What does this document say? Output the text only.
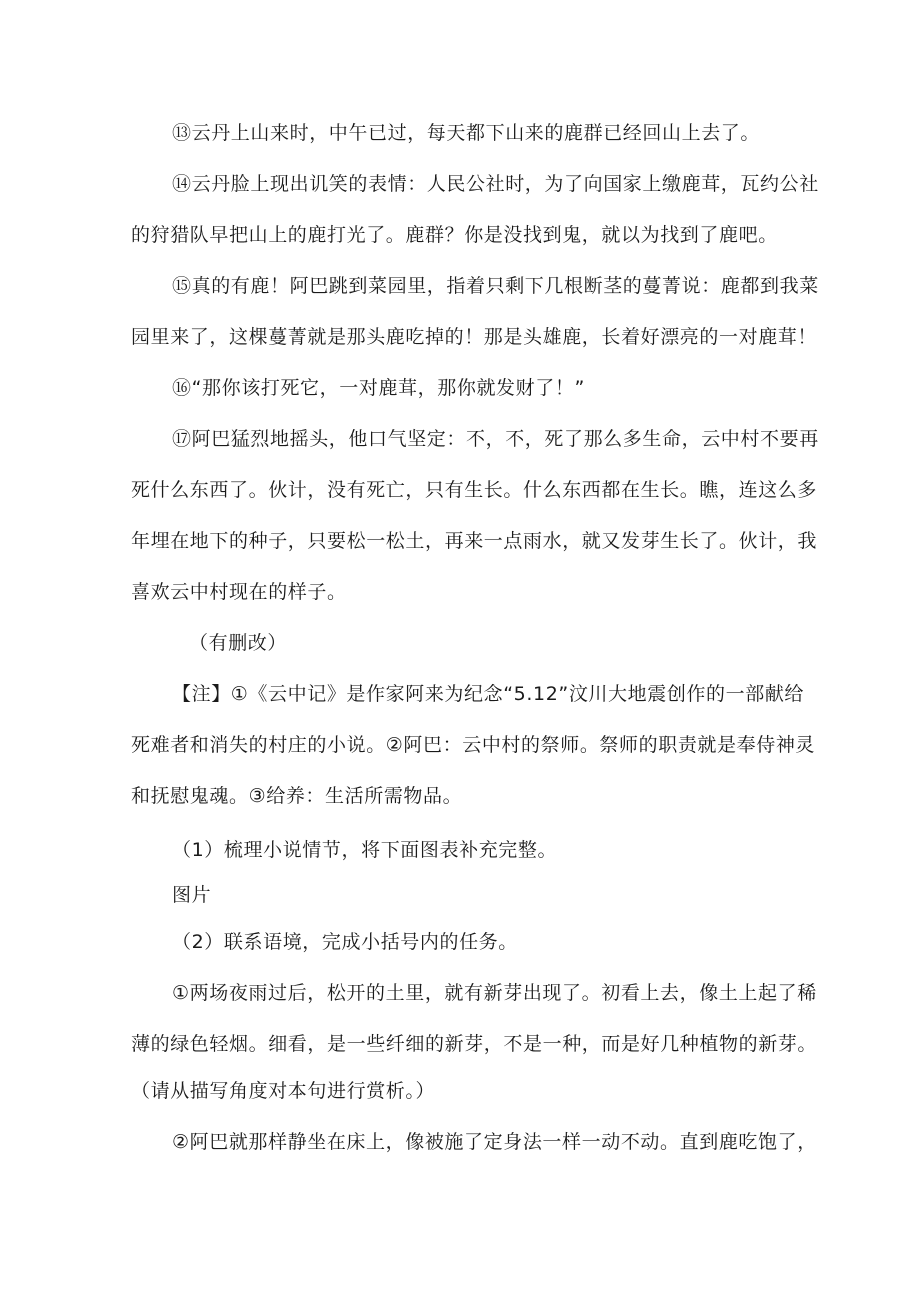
⑬云丹上山来时，中午已过，每天都下山来的鹿群已经回山上去了。
⑭云丹脸上现出讥笑的表情：人民公社时，为了向国家上缴鹿茸，瓦约公社
的狩猎队早把山上的鹿打光了。鹿群？你是没找到鬼，就以为找到了鹿吧。
⑮真的有鹿！阿巴跳到菜园里，指着只剩下几根断茎的蔓菁说：鹿都到我菜
园里来了，这棵蔓菁就是那头鹿吃掉的！那是头雄鹿，长着好漂亮的一对鹿茸！
⑯“那你该打死它，一对鹿茸，那你就发财了！”
⑰阿巴猛烈地摇头，他口气坚定：不，不，死了那么多生命，云中村不要再
死什么东西了。伙计，没有死亡，只有生长。什么东西都在生长。瞧，连这么多
年埋在地下的种子，只要松一松土，再来一点雨水，就又发芽生长了。伙计，我
喜欢云中村现在的样子。
（有删改）
【注】①《云中记》是作家阿来为纪念“5.12”汶川大地震创作的一部献给
死难者和消失的村庄的小说。②阿巴：云中村的祭师。祭师的职责就是奉侍神灵
和抚慰鬼魂。③给养：生活所需物品。
（1）梳理小说情节，将下面图表补充完整。
图片
（2）联系语境，完成小括号内的任务。
①两场夜雨过后，松开的土里，就有新芽出现了。初看上去，像土上起了稀
薄的绿色轻烟。细看，是一些纤细的新芽，不是一种，而是好几种植物的新芽。
（请从描写角度对本句进行赏析。）
②阿巴就那样静坐在床上，像被施了定身法一样一动不动。直到鹿吃饱了，
